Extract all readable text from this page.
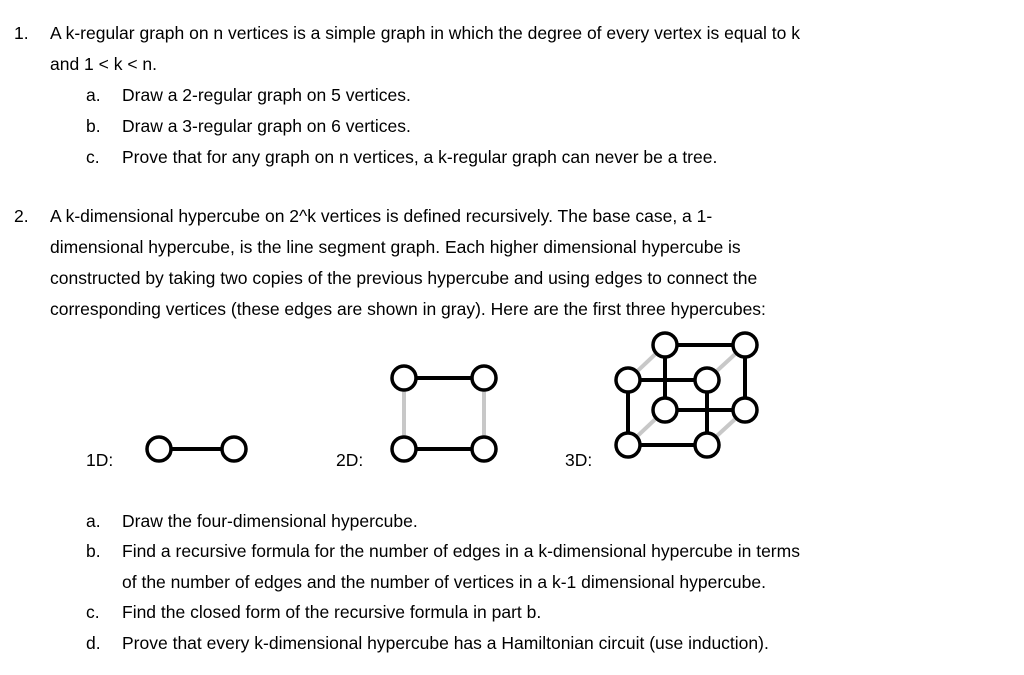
1. A k-regular graph on n vertices is a simple graph in which the degree of every vertex is equal to k
and 1 < k < n.
a. Draw a 2-regular graph on 5 vertices.
b. Draw a 3-regular graph on 6 vertices.
c. Prove that for any graph on n vertices, a k-regular graph can never be a tree.
2. A k-dimensional hypercube on 2^k vertices is defined recursively. The base case, a 1-
dimensional hypercube, is the line segment graph. Each higher dimensional hypercube is
constructed by taking two copies of the previous hypercube and using edges to connect the
corresponding vertices (these edges are shown in gray). Here are the first three hypercubes:
1D:	2D:	3D:
a. Draw the four-dimensional hypercube.
b. Find a recursive formula for the number of edges in a k-dimensional hypercube in terms
of the number of edges and the number of vertices in a k-1 dimensional hypercube.
c. Find the closed form of the recursive formula in part b.
d. Prove that every k-dimensional hypercube has a Hamiltonian circuit (use induction).
